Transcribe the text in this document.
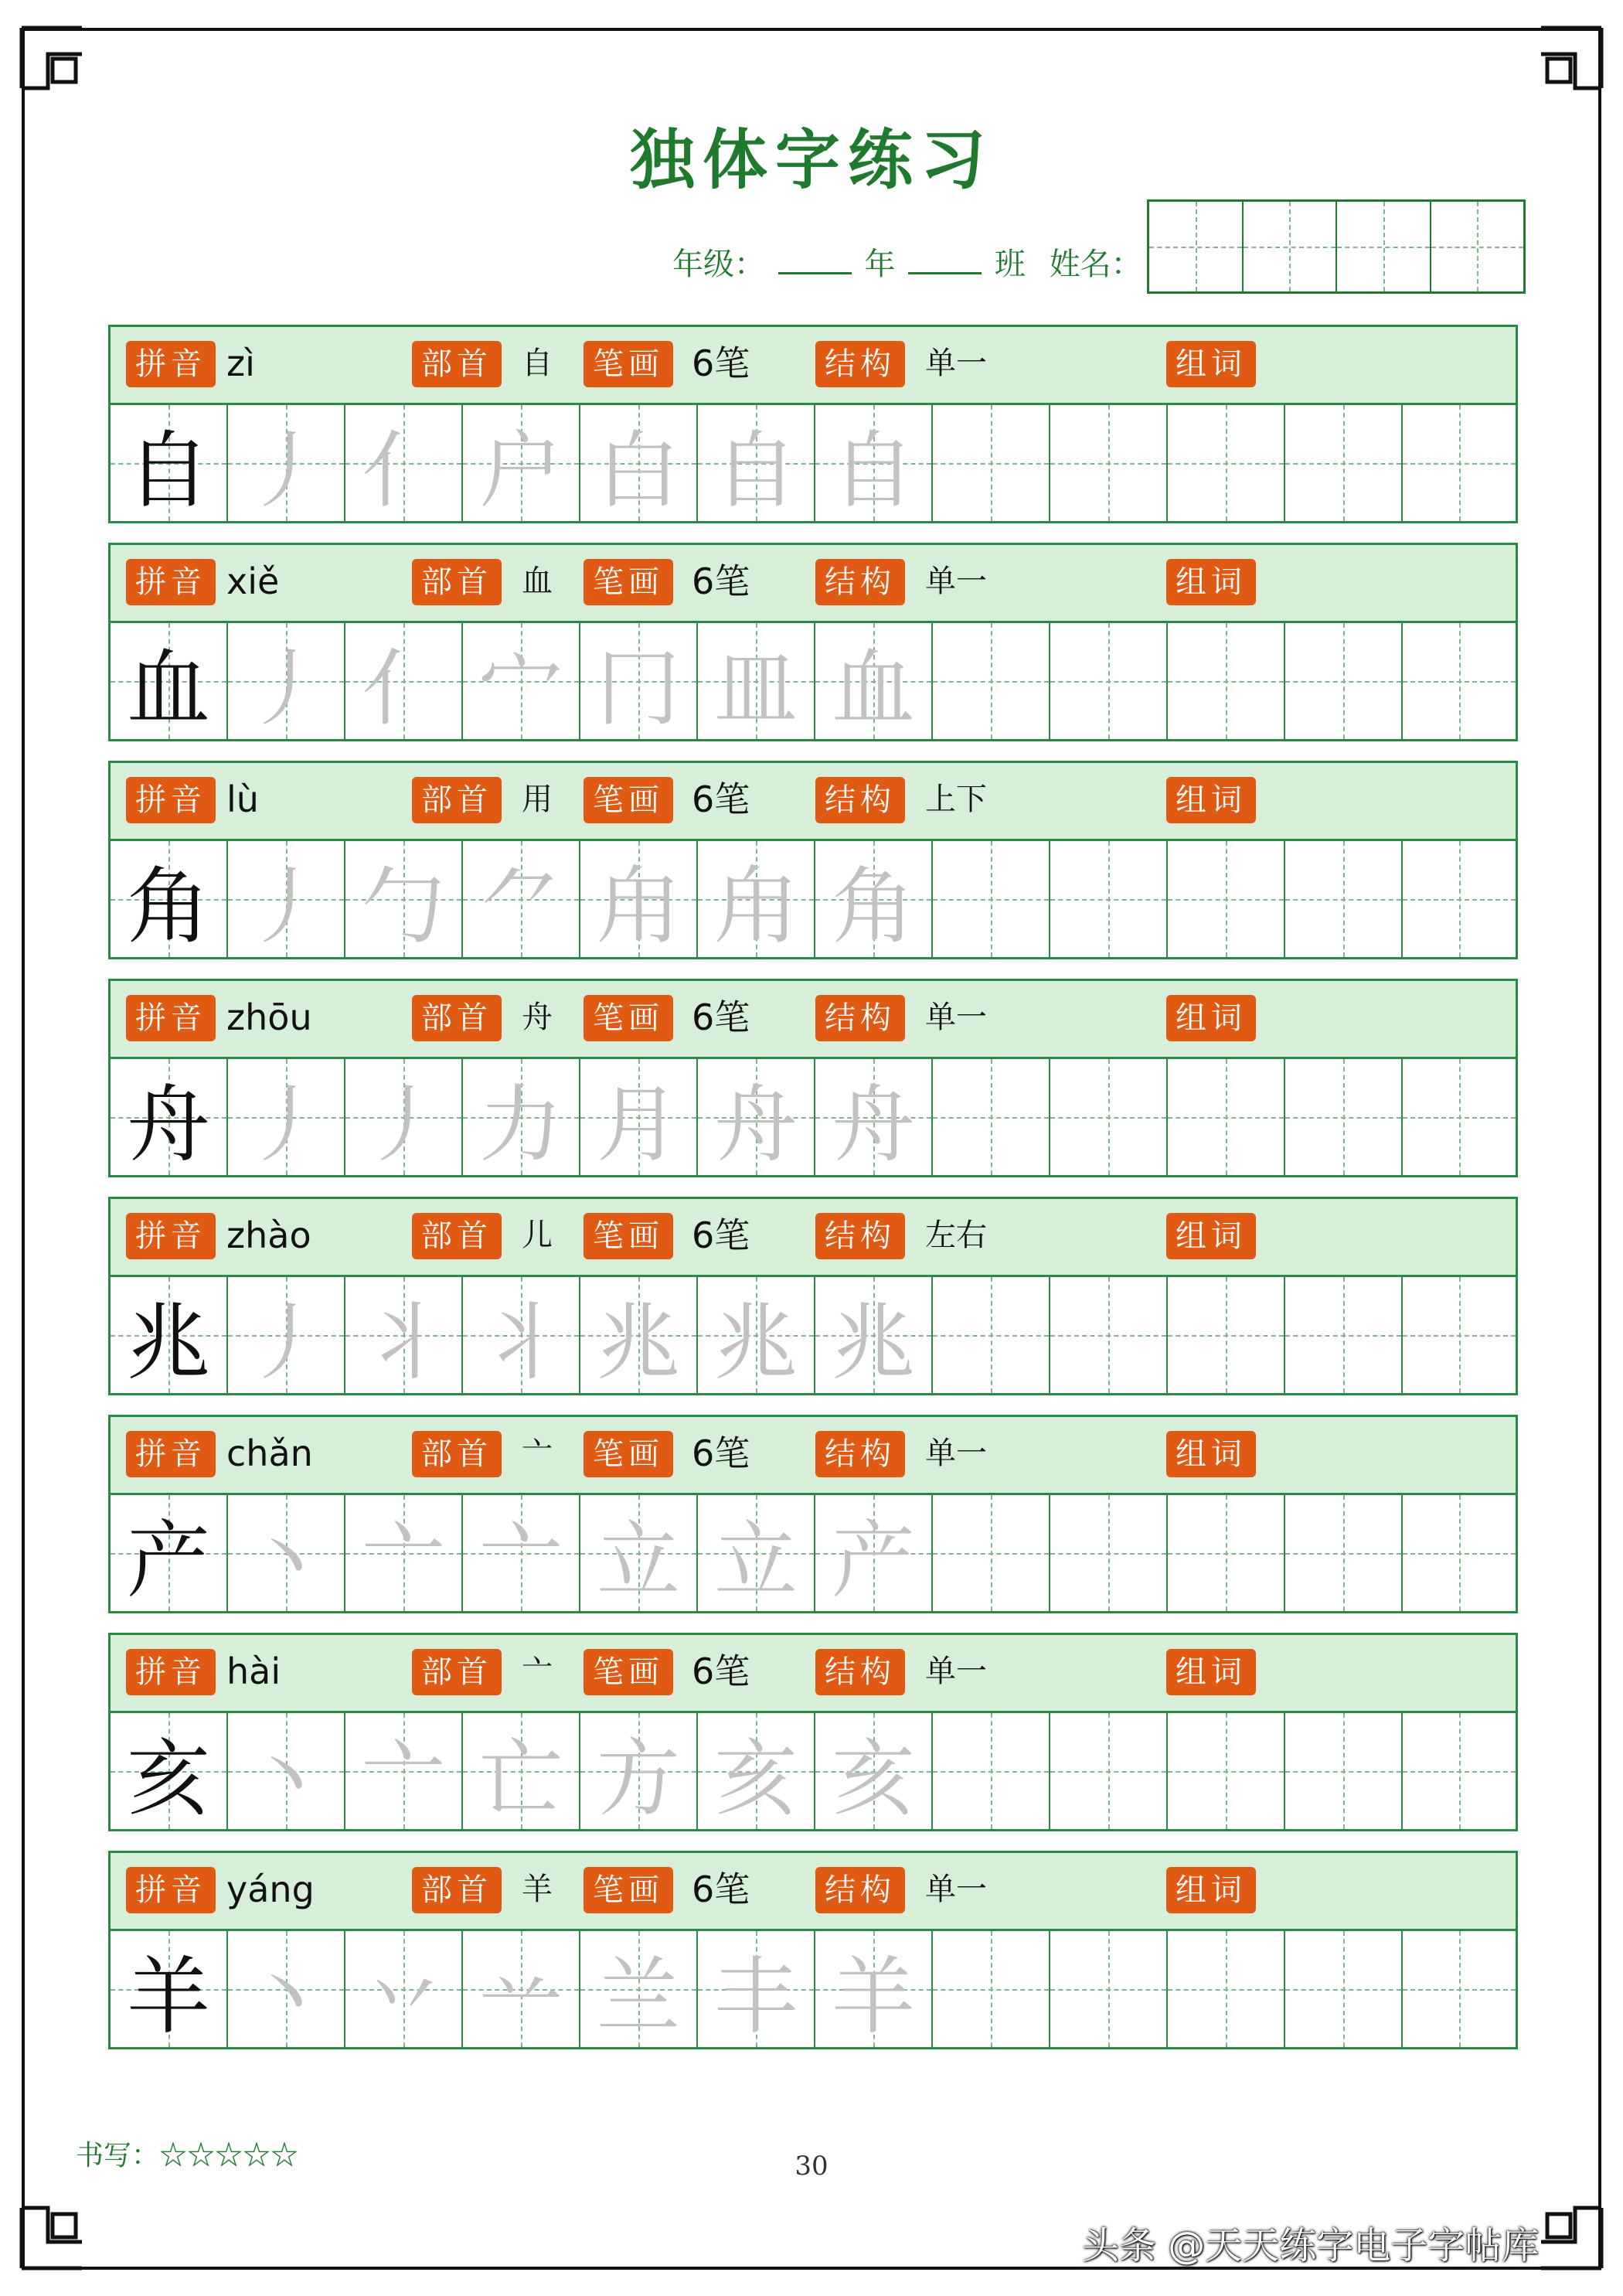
独体字练习
年级：	年	班 姓名：
拼音 zì	部首 自	笔画 6笔	结构 单一	组词
自 丿 亻 户 白 自 自
拼音 xiě	部首 血	笔画 6笔	结构 单一	组词
血 丿 亻 宀 冂 皿 血
拼音 lù	部首 用	笔画 6笔	结构 上下	组词
角 丿 勹 ⺈ 甪 甪 角
拼音 zhōu	部首 舟	笔画 6笔	结构 单一	组词
舟 丿 丿 力 月 舟 舟
拼音 zhào	部首 儿	笔画 6笔	结构 左右	组词
兆 丿 丬 丬 兆 兆 兆
拼音 chǎn	部首 亠	笔画 6笔	结构 单一	组词
产 丶 亠 亠 立 立 产
拼音 hài	部首 亠	笔画 6笔	结构 单一	组词
亥 丶 亠 亡 方 亥 亥
拼音 yáng	部首 羊	笔画 6笔	结构 单一	组词
羊 丶 丷 䒑 兰 丰 羊
书写：☆☆☆☆☆	30
头条 @天天练字电子字帖库
